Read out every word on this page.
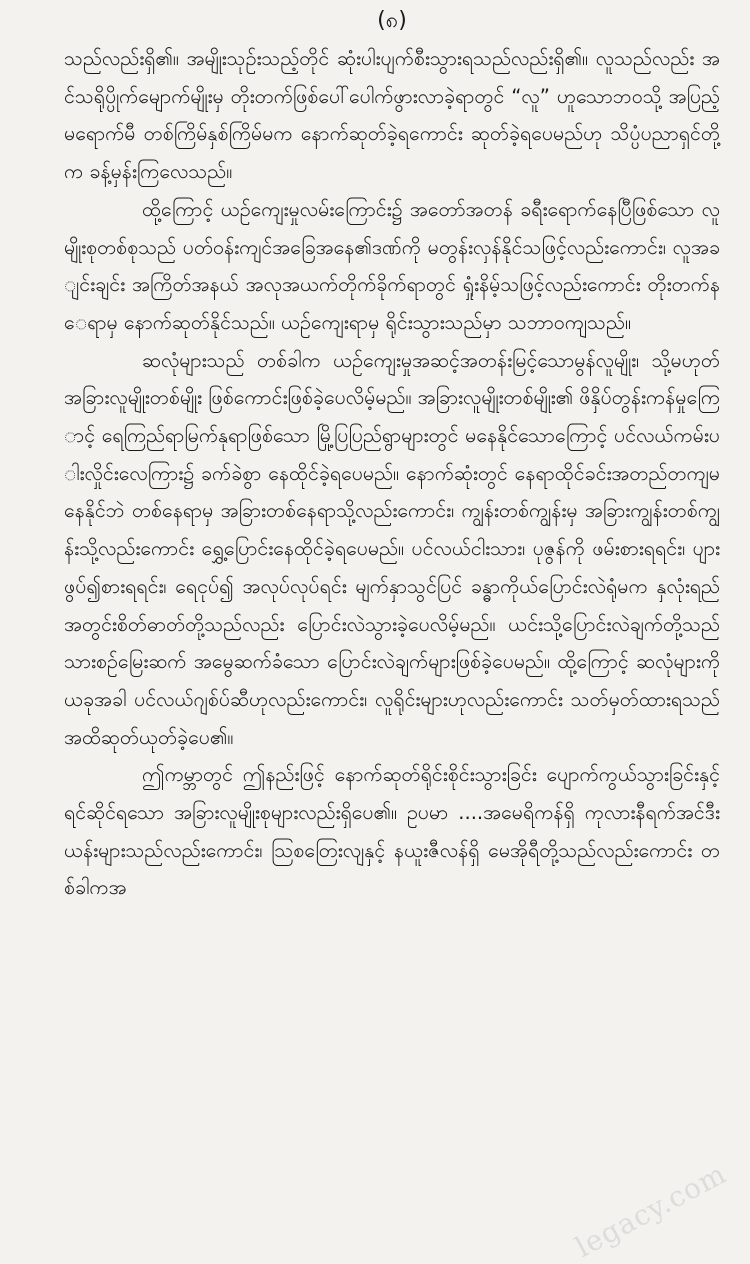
(၈)

သည်လည်းရှိ၏။ အမျိုးသုဉ်းသည့်တိုင် ဆုံးပါးပျက်စီးသွားရသည်လည်းရှိ၏။ လူသည်လည်း အင်သရိုပ္ပိုက်မျောက်မျိုးမှ တိုးတက်ဖြစ်ပေါ်ပေါက်ဖွားလာခဲ့ရာတွင် “လူ” ဟူသောဘဝသို့ အပြည့်မရောက်မီ တစ်ကြိမ်နှစ်ကြိမ်မက နောက်ဆုတ်ခဲ့ရကောင်း ဆုတ်ခဲ့ရပေမည်ဟု သိပ္ပံပညာရှင်တို့က ခန့်မှန်းကြလေသည်။

ထို့ကြောင့် ယဉ်ကျေးမှုလမ်းကြောင်း၌ အတော်အတန် ခရီးရောက်နေပြီဖြစ်သော လူမျိုးစုတစ်စုသည် ပတ်ဝန်းကျင်အခြေအနေ၏ဒဏ်ကို မတွန်းလှန်နိုင်သဖြင့်လည်းကောင်း၊ လူအချင်းချင်း အကြိတ်အနယ် အလုအယက်တိုက်ခိုက်ရာတွင် ရှုံးနိမ့်သဖြင့်လည်းကောင်း တိုးတက်နေရာမှ နောက်ဆုတ်နိုင်သည်။ ယဉ်ကျေးရာမှ ရိုင်းသွားသည်မှာ သဘာဝကျသည်။

ဆလုံများသည် တစ်ခါက ယဉ်ကျေးမှုအဆင့်အတန်းမြင့်သောမွန်လူမျိုး၊ သို့မဟုတ် အခြားလူမျိုးတစ်မျိုး ဖြစ်ကောင်းဖြစ်ခဲ့ပေလိမ့်မည်။ အခြားလူမျိုးတစ်မျိုး၏ ဖိနှိပ်တွန်းကန်မှုကြောင့် ရေကြည်ရာမြက်နုရာဖြစ်သော မြို့ပြပြည်ရွာများတွင် မနေနိုင်သောကြောင့် ပင်လယ်ကမ်းပါးလှိုင်းလေကြား၌ ခက်ခဲစွာ နေထိုင်ခဲ့ရပေမည်။ နောက်ဆုံးတွင် နေရာထိုင်ခင်းအတည်တကျမနေနိုင်ဘဲ တစ်နေရာမှ အခြားတစ်နေရာသို့လည်းကောင်း၊ ကျွန်းတစ်ကျွန်းမှ အခြားကျွန်းတစ်ကျွန်းသို့လည်းကောင်း ရွှေ့ပြောင်းနေထိုင်ခဲ့ရပေမည်။ ပင်လယ်ငါးသား၊ ပုဇွန်ကို ဖမ်းစားရရင်း၊ ပျားဖွပ်၍စားရရင်း၊ ရေငုပ်၍ အလုပ်လုပ်ရင်း မျက်နှာသွင်ပြင် ခန္ဓာကိုယ်ပြောင်းလဲရုံမက နှလုံးရည် အတွင်းစိတ်ဓာတ်တို့သည်လည်း ပြောင်းလဲသွားခဲ့ပေလိမ့်မည်။ ယင်းသို့ပြောင်းလဲချက်တို့သည် သားစဉ်မြေးဆက် အမွေဆက်ခံသော ပြောင်းလဲချက်များဖြစ်ခဲ့ပေမည်။ ထို့ကြောင့် ဆလုံများကို ယခုအခါ ပင်လယ်ဂျစ်ပ်ဆီဟုလည်းကောင်း၊ လူရိုင်းများဟုလည်းကောင်း သတ်မှတ်ထားရသည်အထိဆုတ်ယုတ်ခဲ့ပေ၏။

ဤကမ္ဘာတွင် ဤနည်းဖြင့် နောက်ဆုတ်ရိုင်းစိုင်းသွားခြင်း ပျောက်ကွယ်သွားခြင်းနှင့် ရင်ဆိုင်ရသော အခြားလူမျိုးစုများလည်းရှိပေ၏။ ဥပမာ ....အမေရိကန်ရှိ ကုလားနီရက်အင်ဒီးယန်းများသည်လည်းကောင်း၊ သြစတြေးလျနှင့် နယူးဇီလန်ရှိ မေအိုရီတို့သည်လည်းကောင်း တစ်ခါကအ

legacy.com
